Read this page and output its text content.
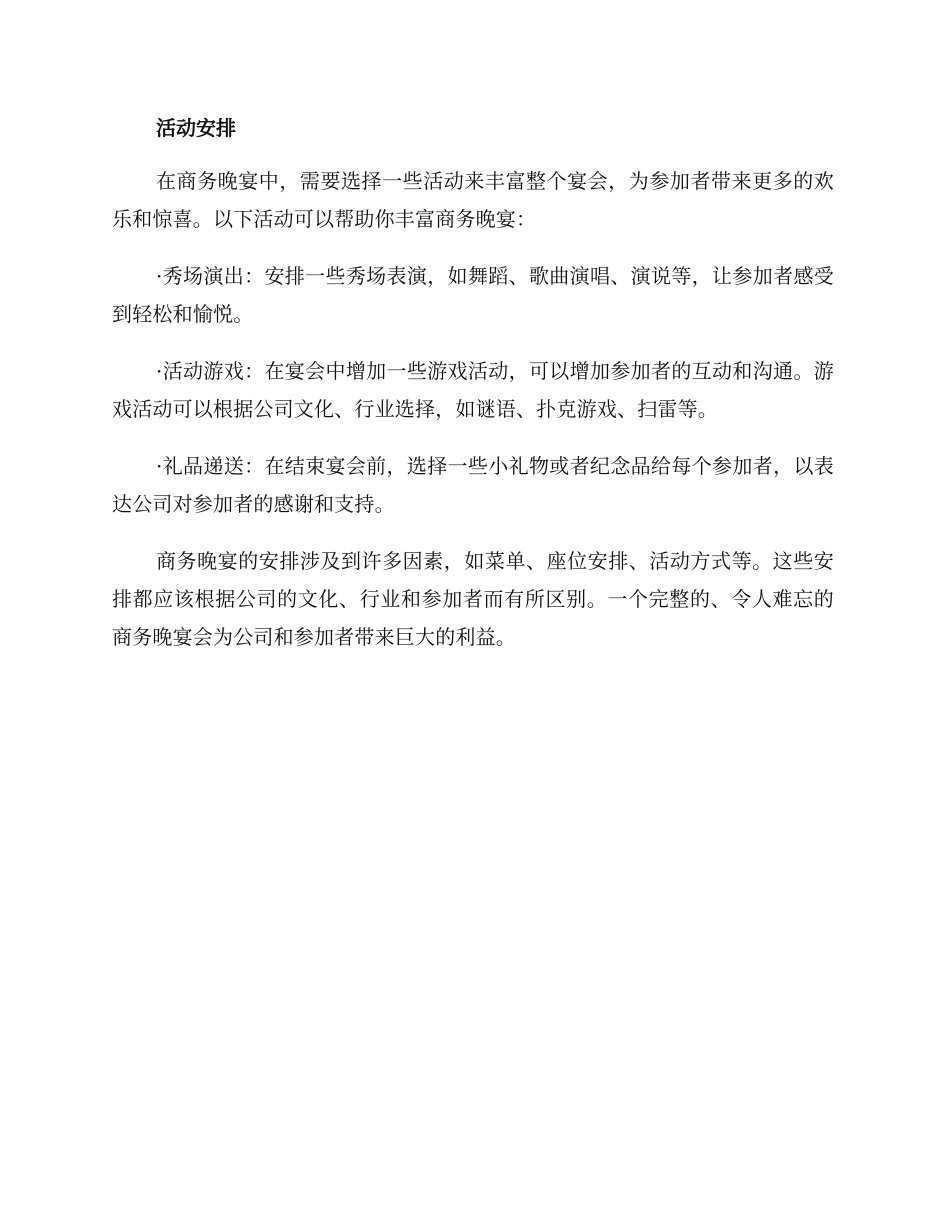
活动安排

在商务晚宴中，需要选择一些活动来丰富整个宴会，为参加者带来更多的欢乐和惊喜。以下活动可以帮助你丰富商务晚宴：

·秀场演出：安排一些秀场表演，如舞蹈、歌曲演唱、演说等，让参加者感受到轻松和愉悦。

·活动游戏：在宴会中增加一些游戏活动，可以增加参加者的互动和沟通。游戏活动可以根据公司文化、行业选择，如谜语、扑克游戏、扫雷等。

·礼品递送：在结束宴会前，选择一些小礼物或者纪念品给每个参加者，以表达公司对参加者的感谢和支持。

商务晚宴的安排涉及到许多因素，如菜单、座位安排、活动方式等。这些安排都应该根据公司的文化、行业和参加者而有所区别。一个完整的、令人难忘的商务晚宴会为公司和参加者带来巨大的利益。
